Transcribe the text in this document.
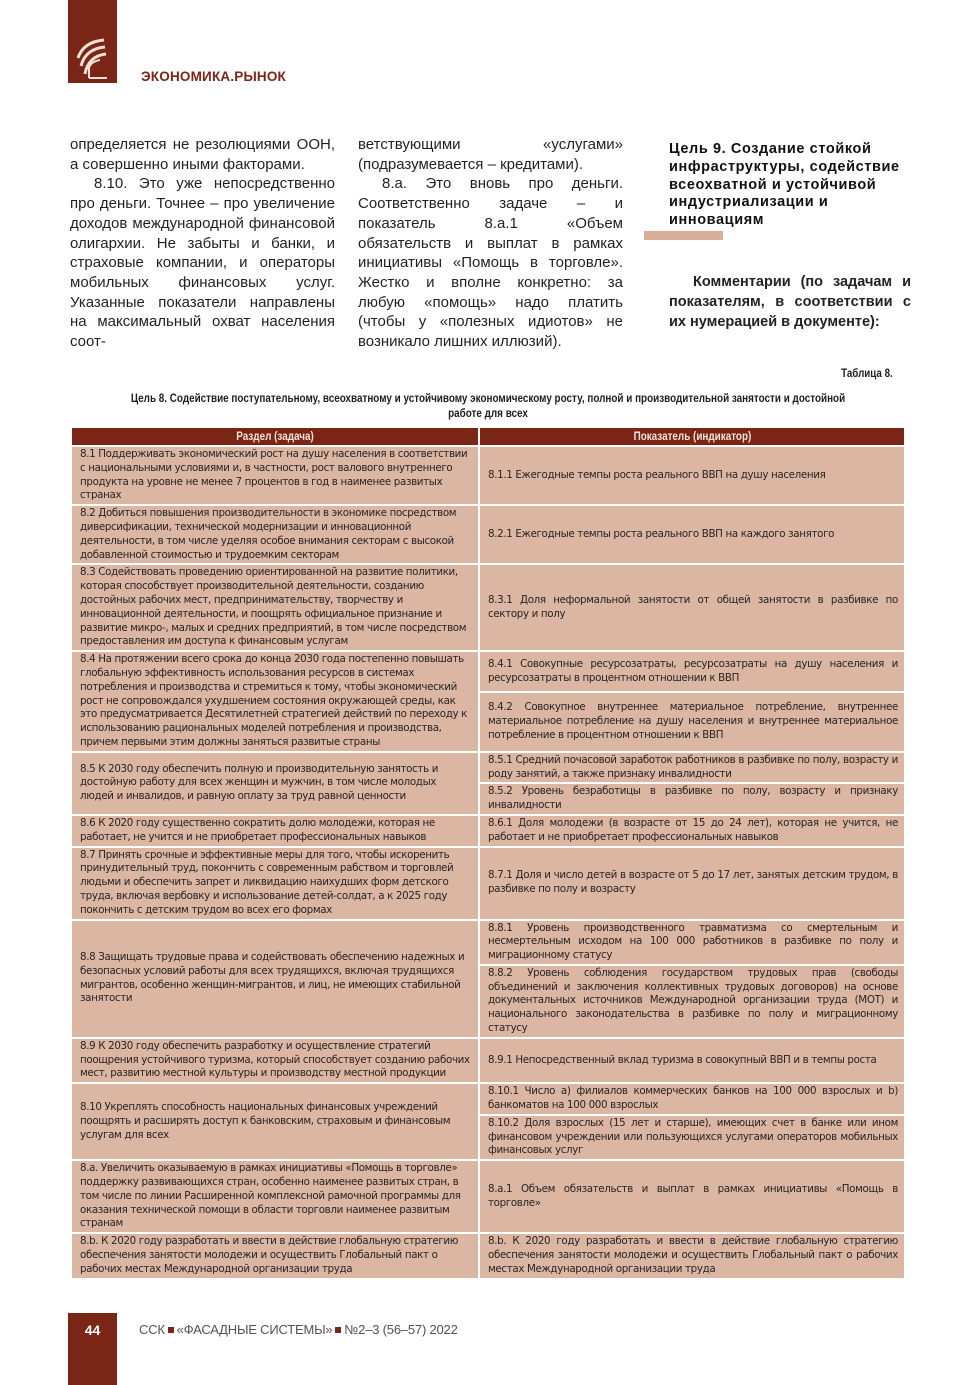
ЭКОНОМИКА.РЫНОК

определяется не резолюциями ООН, а совершенно иными факторами.

8.10. Это уже непосредственно про деньги. Точнее – про увеличение доходов международной финансовой олигархии. Не забыты и банки, и страховые компании, и операторы мобильных финансовых услуг. Указанные показатели направлены на максимальный охват населения соот-

ветствующими «услугами» (подразумевается – кредитами).

8.а. Это вновь про деньги. Соответственно задаче – и показатель 8.а.1 «Объем обязательств и выплат в рамках инициативы «Помощь в торговле». Жестко и вполне конкретно: за любую «помощь» надо платить (чтобы у «полезных идиотов» не возникало лишних иллюзий).

Цель 9. Создание стойкой инфраструктуры, содействие всеохватной и устойчивой индустриализации и инновациям
Комментарии (по задачам и показателям, в соответствии с их нумерацией в документе):
Таблица 8.
Цель 8. Содействие поступательному, всеохватному и устойчивому экономическому росту, полной и производительной занятости и достойной работе для всех
Раздел (задача)	Показатель (индикатор)
8.1 Поддерживать экономический рост на душу населения в соответствии с национальными условиями и, в частности, рост валового внутреннего продукта на уровне не менее 7 процентов в год в наименее развитых странах	8.1.1 Ежегодные темпы роста реального ВВП на душу населения
8.2 Добиться повышения производительности в экономике посредством диверсификации, технической модернизации и инновационной деятельности, в том числе уделяя особое внимания секторам с высокой добавленной стоимостью и трудоемким секторам	8.2.1 Ежегодные темпы роста реального ВВП на каждого занятого
8.3 Содействовать проведению ориентированной на развитие политики, которая способствует производительной деятельности, созданию достойных рабочих мест, предпринимательству, творчеству и инновационной деятельности, и поощрять официальное признание и развитие микро-, малых и средних предприятий, в том числе посредством предоставления им доступа к финансовым услугам	8.3.1 Доля неформальной занятости от общей занятости в разбивке по сектору и полу
8.4 На протяжении всего срока до конца 2030 года постепенно повышать глобальную эффективность использования ресурсов в системах потребления и производства и стремиться к тому, чтобы экономический рост не сопровождался ухудшением состояния окружающей среды, как это предусматривается Десятилетней стратегией действий по переходу к использованию рациональных моделей потребления и производства, причем первыми этим должны заняться развитые страны	8.4.1 Совокупные ресурсозатраты, ресурсозатраты на душу населения и ресурсозатраты в процентном отношении к ВВП
	8.4.2 Совокупное внутреннее материальное потребление, внутреннее материальное потребление на душу населения и внутреннее материальное потребление в процентном отношении к ВВП
8.5 К 2030 году обеспечить полную и производительную занятость и достойную работу для всех женщин и мужчин, в том числе молодых людей и инвалидов, и равную оплату за труд равной ценности	8.5.1 Средний почасовой заработок работников в разбивке по полу, возрасту и роду занятий, а также признаку инвалидности
	8.5.2 Уровень безработицы в разбивке по полу, возрасту и признаку инвалидности
8.6 К 2020 году существенно сократить долю молодежи, которая не работает, не учится и не приобретает профессиональных навыков	8.6.1 Доля молодежи (в возрасте от 15 до 24 лет), которая не учится, не работает и не приобретает профессиональных навыков
8.7 Принять срочные и эффективные меры для того, чтобы искоренить принудительный труд, покончить с современным рабством и торговлей людьми и обеспечить запрет и ликвидацию наихудших форм детского труда, включая вербовку и использование детей-солдат, а к 2025 году покончить с детским трудом во всех его формах	8.7.1 Доля и число детей в возрасте от 5 до 17 лет, занятых детским трудом, в разбивке по полу и возрасту
8.8 Защищать трудовые права и содействовать обеспечению надежных и безопасных условий работы для всех трудящихся, включая трудящихся мигрантов, особенно женщин-мигрантов, и лиц, не имеющих стабильной занятости	8.8.1 Уровень производственного травматизма со смертельным и несмертельным исходом на 100 000 работников в разбивке по полу и миграционному статусу
	8.8.2 Уровень соблюдения государством трудовых прав (свободы объединений и заключения коллективных трудовых договоров) на основе документальных источников Международной организации труда (МОТ) и национального законодательства в разбивке по полу и миграционному статусу
8.9 К 2030 году обеспечить разработку и осуществление стратегий поощрения устойчивого туризма, который способствует созданию рабочих мест, развитию местной культуры и производству местной продукции	8.9.1 Непосредственный вклад туризма в совокупный ВВП и в темпы роста
8.10 Укреплять способность национальных финансовых учреждений поощрять и расширять доступ к банковским, страховым и финансовым услугам для всех	8.10.1 Число a) филиалов коммерческих банков на 100 000 взрослых и b) банкоматов на 100 000 взрослых
	8.10.2 Доля взрослых (15 лет и старше), имеющих счет в банке или ином финансовом учреждении или пользующихся услугами операторов мобильных финансовых услуг
8.a. Увеличить оказываемую в рамках инициативы «Помощь в торговле» поддержку развивающихся стран, особенно наименее развитых стран, в том числе по линии Расширенной комплексной рамочной программы для оказания технической помощи в области торговли наименее развитым странам	8.a.1 Объем обязательств и выплат в рамках инициативы «Помощь в торговле»
8.b. К 2020 году разработать и ввести в действие глобальную стратегию обеспечения занятости молодежи и осуществить Глобальный пакт о рабочих местах Международной организации труда	8.b. К 2020 году разработать и ввести в действие глобальную стратегию обеспечения занятости молодежи и осуществить Глобальный пакт о рабочих местах Международной организации труда
44	ССК «ФАСАДНЫЕ СИСТЕМЫ» №2–3 (56–57) 2022
